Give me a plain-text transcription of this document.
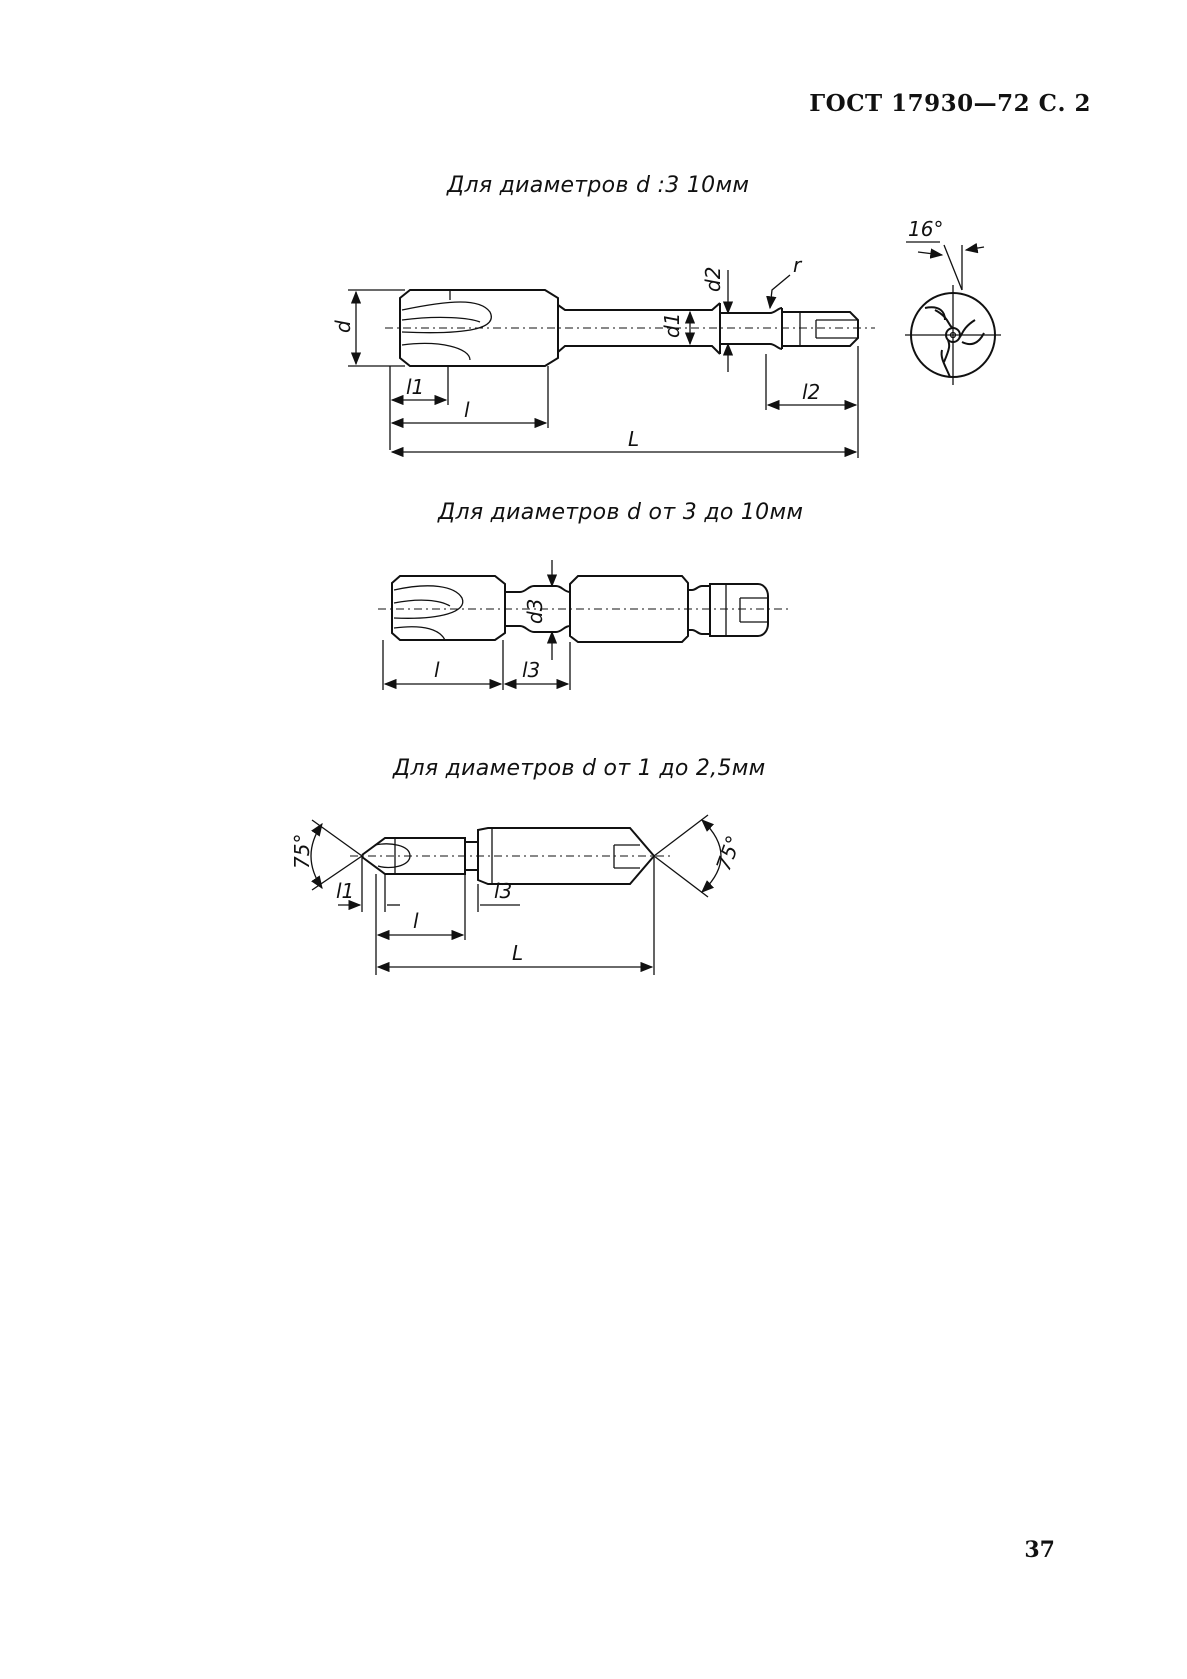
ГОСТ 17930—72 С. 2
Для диаметров d :3 10мм
Для диаметров d от 3 до 10мм
Для диаметров d от 1 до 2,5мм
d	d1
d2
r
l1
l
l2
L
16°
d3
l	l3
75°	75°
l1	l3
l
L
37
